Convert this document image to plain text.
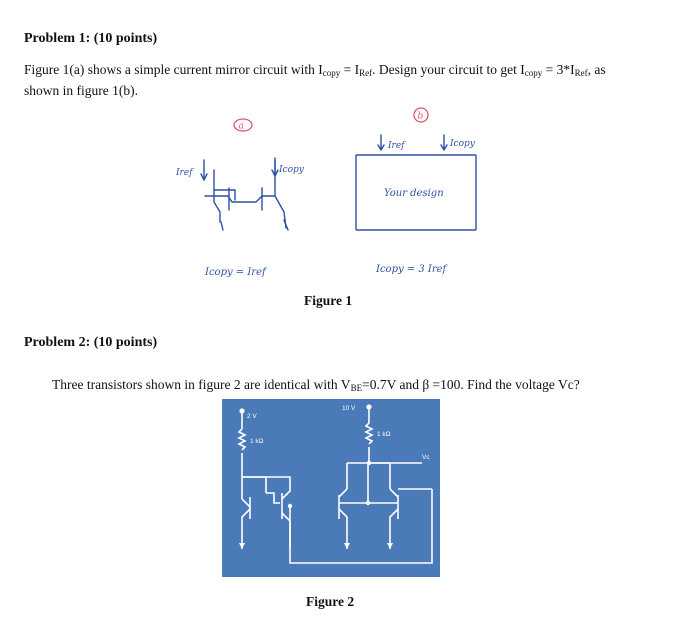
Problem 1: (10 points)
Figure 1(a) shows a simple current mirror circuit with $I_{copy} = I_{Ref}$. Design your circuit to get $I_{copy} = 3*I_{Ref}$, as
shown in figure 1(b).
a
Iref	Icopy
Icopy = Iref
b
Iref	Icopy
Your design
Icopy = 3 Iref
Figure 1
Problem 2: (10 points)
Three transistors shown in figure 2 are identical with $V_{BE}=0.7V$ and β =100. Find the voltage Vc?
2 V
1 kΩ
10 V
1 kΩ
Vc
Figure 2
